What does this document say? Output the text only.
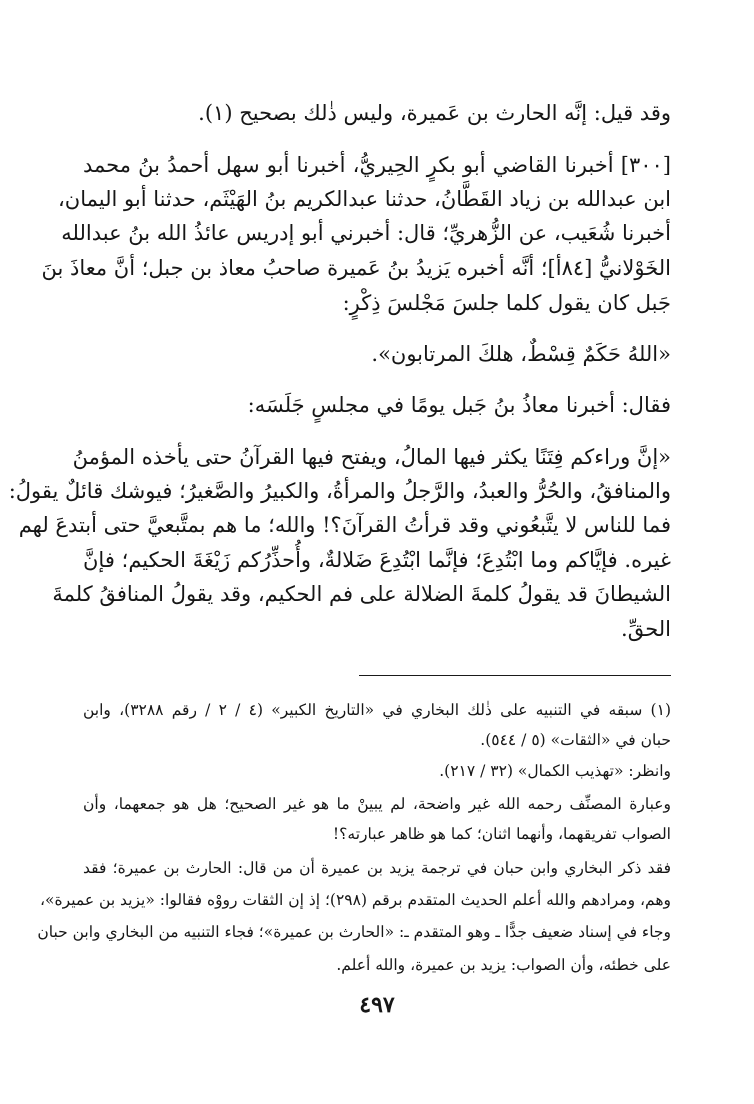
وقد قيل: إنَّه الحارث بن عَميرة، وليس ذٰلك بصحيح (١).

[٣٠٠] أخبرنا القاضي أبو بكرٍ الحِيريُّ، أخبرنا أبو سهل أحمدُ بنُ محمد

ابن عبدالله بن زياد القَطَّانُ، حدثنا عبدالكريم بنُ الهَيْثَم، حدثنا أبو اليمان،

أخبرنا شُعَيب، عن الزُّهريِّ؛ قال: أخبرني أبو إدريس عائذُ الله بنُ عبدالله

الخَوْلانيُّ [٨٤أ]؛ أنَّه أخبره يَزيدُ بنُ عَميرة صاحبُ معاذ بن جبل؛ أنَّ معاذَ بنَ

جَبل كان يقول كلما جلسَ مَجْلسَ ذِكْرٍ:

«اللهُ حَكَمٌ قِسْطٌ، هلكَ المرتابون».

فقال: أخبرنا معاذُ بنُ جَبل يومًا في مجلسٍ جَلَسَه:

«إنَّ وراءكم فِتَنًا يكثر فيها المالُ، ويفتح فيها القرآنُ حتى يأخذه المؤمنُ

والمنافقُ، والحُرُّ والعبدُ، والرَّجلُ والمرأةُ، والكبيرُ والصَّغيرُ؛ فيوشك قائلٌ يقولُ:

فما للناس لا يتَّبعُوني وقد قرأتُ القرآنَ؟! والله؛ ما هم بمتَّبعيَّ حتى أبتدعَ لهم

غيره. فإيَّاكم وما ابْتُدِعَ؛ فإنَّما ابْتُدِعَ ضَلالةٌ، وأُحذِّرُكم زَيْغَةَ الحكيم؛ فإنَّ

الشيطانَ قد يقولُ كلمةَ الضلالة على فم الحكيم، وقد يقولُ المنافقُ كلمةَ

الحقِّ.

(١) سبقه في التنبيه على ذٰلك البخاري في «التاريخ الكبير» (٤ / ٢ / رقم ٣٢٨٨)، وابن

حبان في «الثقات» (٥ / ٥٤٤).

وانظر: «تهذيب الكمال» (٣٢ / ٢١٧).

وعبارة المصنِّف رحمه الله غير واضحة، لم يبينْ ما هو غير الصحيح؛ هل هو جمعهما، وأن

الصواب تفريقهما، وأنهما اثنان؛ كما هو ظاهر عبارته؟!

فقد ذكر البخاري وابن حبان في ترجمة يزيد بن عميرة أن من قال: الحارث بن عميرة؛ فقد

وهم، ومرادهم والله أعلم الحديث المتقدم برقم (٢٩٨)؛ إذ إن الثقات رووْه فقالوا: «يزيد بن عميرة»،

وجاء في إسناد ضعيف جدًّا ـ وهو المتقدم ـ: «الحارث بن عميرة»؛ فجاء التنبيه من البخاري وابن حبان

على خطئه، وأن الصواب: يزيد بن عميرة، والله أعلم.

٤٩٧
